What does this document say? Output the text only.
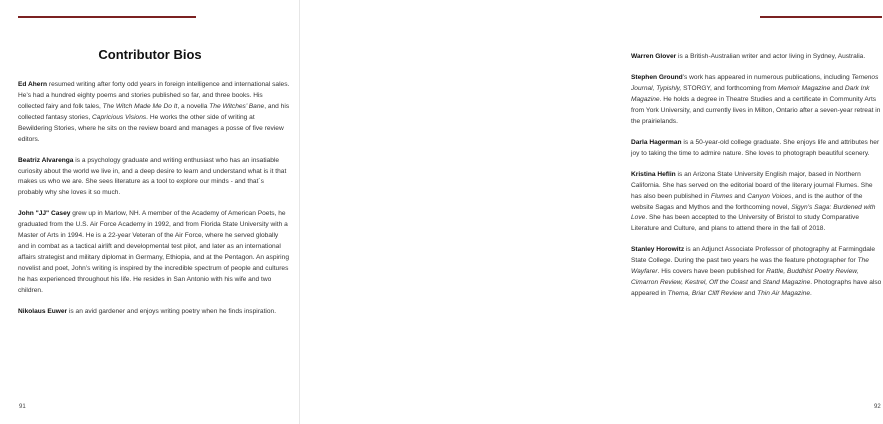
Contributor Bios

Ed Ahern resumed writing after forty odd years in foreign intelligence and international sales. He’s had a hundred eighty poems and stories published so far, and three books. His collected fairy and folk tales, The Witch Made Me Do It, a novella The Witches’ Bane, and his collected fantasy stories, Capricious Visions. He works the other side of writing at Bewildering Stories, where he sits on the review board and manages a posse of five review editors.

Beatriz Alvarenga is a psychology graduate and writing enthusiast who has an insatiable curiosity about the world we live in, and a deep desire to learn and understand what is it that makes us who we are. She sees literature as a tool to explore our minds - and that´s probably why she loves it so much.

John "JJ" Casey grew up in Marlow, NH. A member of the Academy of American Poets, he graduated from the U.S. Air Force Academy in 1992, and from Florida State University with a Master of Arts in 1994. He is a 22-year Veteran of the Air Force, where he served globally and in combat as a tactical airlift and developmental test pilot, and later as an international affairs strategist and military diplomat in Germany, Ethiopia, and at the Pentagon. An aspiring novelist and poet, John’s writing is inspired by the incredible spectrum of people and cultures he has experienced throughout his life. He resides in San Antonio with his wife and two children.

Nikolaus Euwer is an avid gardener and enjoys writing poetry when he finds inspiration.

91

Warren Glover is a British-Australian writer and actor living in Sydney, Australia.

Stephen Ground’s work has appeared in numerous publications, including Temenos Journal, Typishly, STORGY, and forthcoming from Memoir Magazine and Dark Ink Magazine. He holds a degree in Theatre Studies and a certificate in Community Arts from York University, and currently lives in Milton, Ontario after a seven-year retreat in the prairielands.

Darla Hagerman is a 50-year-old college graduate. She enjoys life and attributes her joy to taking the time to admire nature. She loves to photograph beautiful scenery.

Kristina Heflin is an Arizona State University English major, based in Northern California. She has served on the editorial board of the literary journal Flumes. She has also been published in Flumes and Canyon Voices, and is the author of the website Sagas and Mythos and the forthcoming novel, Sigyn’s Saga: Burdened with Love. She has been accepted to the University of Bristol to study Comparative Literature and Culture, and plans to attend there in the fall of 2018.

Stanley Horowitz is an Adjunct Associate Professor of photography at Farmingdale State College. During the past two years he was the feature photographer for The Wayfarer. His covers have been published for Rattle, Buddhist Poetry Review, Cimarron Review, Kestrel, Off the Coast and Stand Magazine. Photographs have also appeared in Thema, Briar Cliff Review and Thin Air Magazine.

92
